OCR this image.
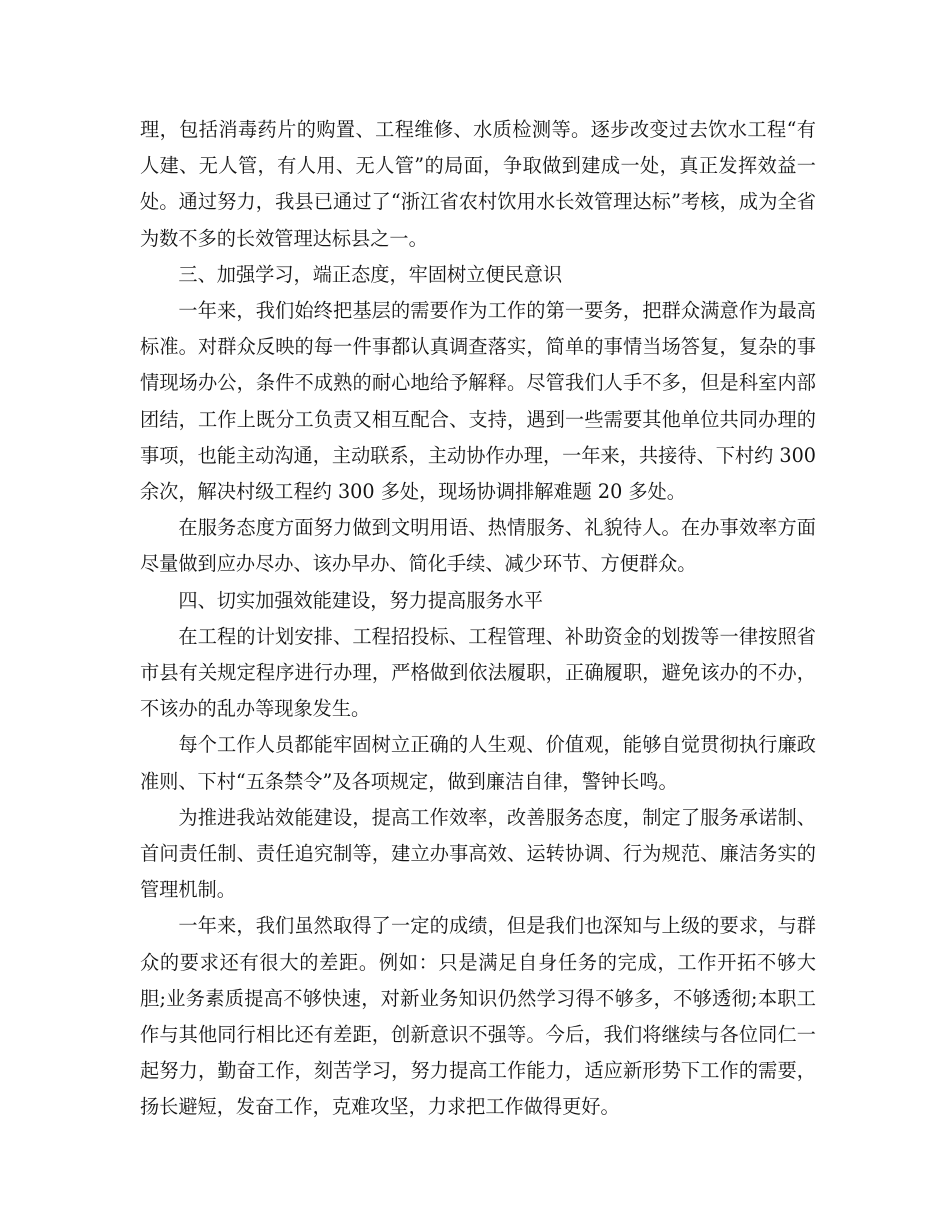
理，包括消毒药片的购置、工程维修、水质检测等。逐步改变过去饮水工程“有人建、无人管，有人用、无人管”的局面，争取做到建成一处，真正发挥效益一处。通过努力，我县已通过了“浙江省农村饮用水长效管理达标”考核，成为全省为数不多的长效管理达标县之一。

三、加强学习，端正态度，牢固树立便民意识

一年来，我们始终把基层的需要作为工作的第一要务，把群众满意作为最高标准。对群众反映的每一件事都认真调查落实，简单的事情当场答复，复杂的事情现场办公，条件不成熟的耐心地给予解释。尽管我们人手不多，但是科室内部团结，工作上既分工负责又相互配合、支持，遇到一些需要其他单位共同办理的事项，也能主动沟通，主动联系，主动协作办理，一年来，共接待、下村约 300 余次，解决村级工程约 300 多处，现场协调排解难题 20 多处。

在服务态度方面努力做到文明用语、热情服务、礼貌待人。在办事效率方面尽量做到应办尽办、该办早办、简化手续、减少环节、方便群众。

四、切实加强效能建设，努力提高服务水平

在工程的计划安排、工程招投标、工程管理、补助资金的划拨等一律按照省市县有关规定程序进行办理，严格做到依法履职，正确履职，避免该办的不办，不该办的乱办等现象发生。

每个工作人员都能牢固树立正确的人生观、价值观，能够自觉贯彻执行廉政准则、下村“五条禁令”及各项规定，做到廉洁自律，警钟长鸣。

为推进我站效能建设，提高工作效率，改善服务态度，制定了服务承诺制、首问责任制、责任追究制等，建立办事高效、运转协调、行为规范、廉洁务实的管理机制。

一年来，我们虽然取得了一定的成绩，但是我们也深知与上级的要求，与群众的要求还有很大的差距。例如：只是满足自身任务的完成，工作开拓不够大胆;业务素质提高不够快速，对新业务知识仍然学习得不够多，不够透彻;本职工作与其他同行相比还有差距，创新意识不强等。今后，我们将继续与各位同仁一起努力，勤奋工作，刻苦学习，努力提高工作能力，适应新形势下工作的需要，扬长避短，发奋工作，克难攻坚，力求把工作做得更好。
